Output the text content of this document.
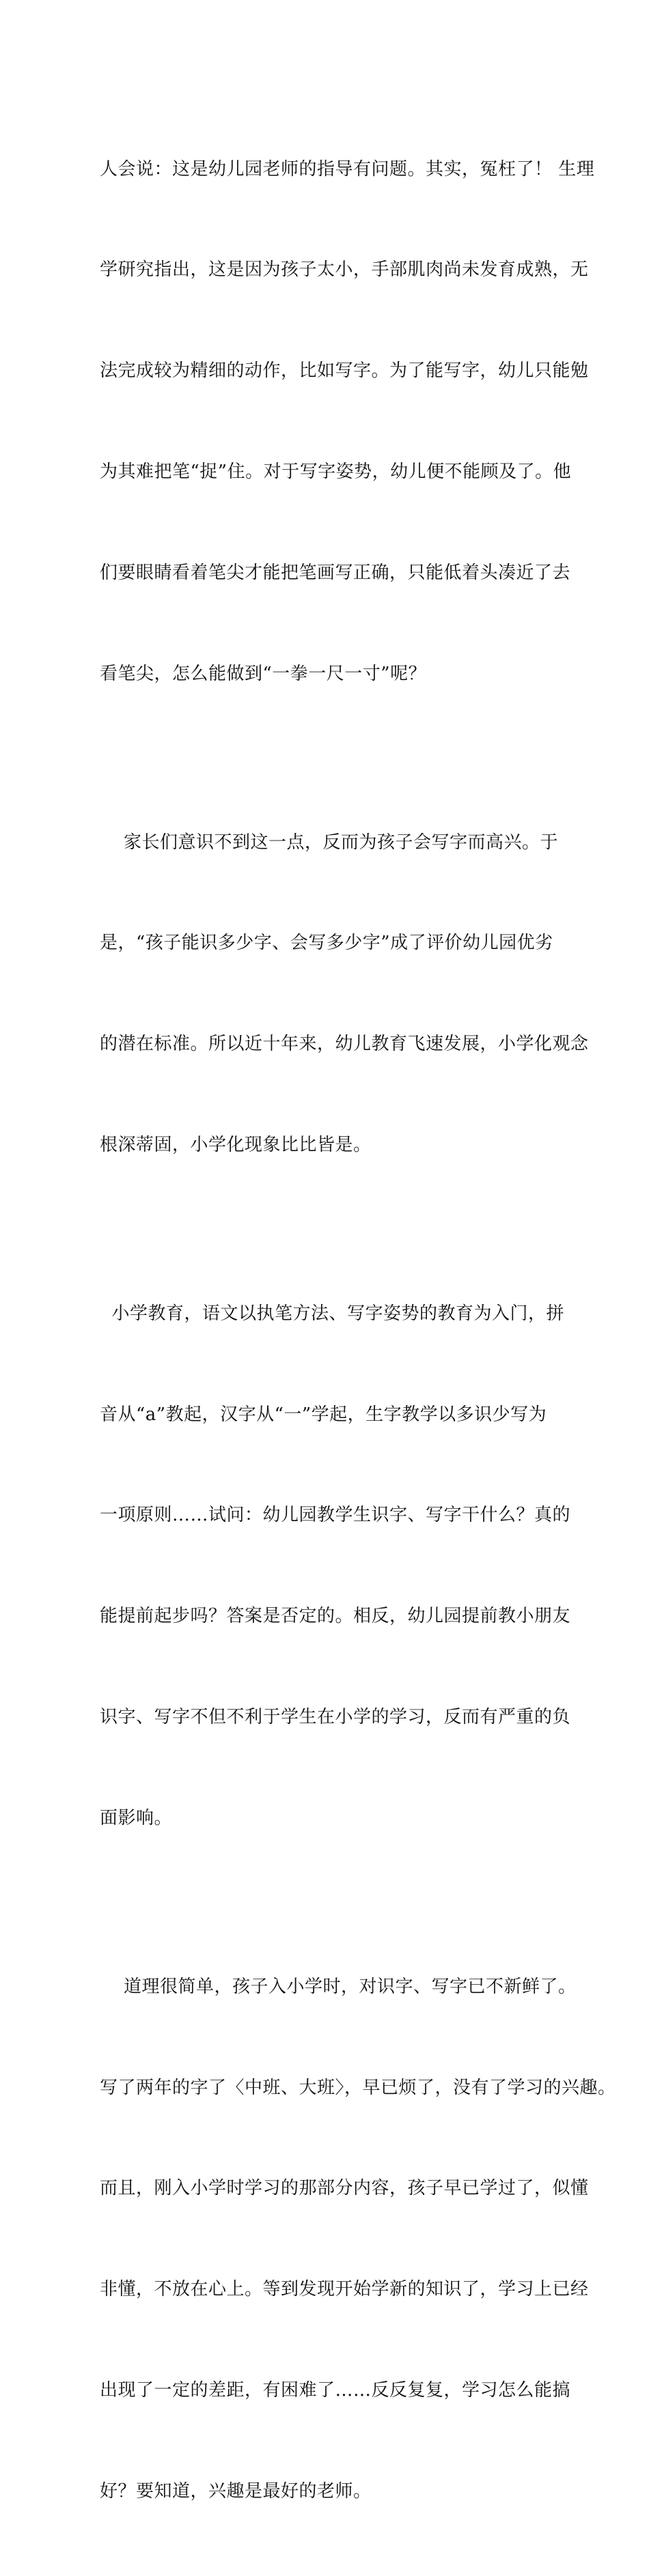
人会说：这是幼儿园老师的指导有问题。其实，冤枉了！ 生理

学研究指出，这是因为孩子太小，手部肌肉尚未发育成熟，无

法完成较为精细的动作，比如写字。为了能写字，幼儿只能勉

为其难把笔“捉”住。对于写字姿势，幼儿便不能顾及了。他

们要眼睛看着笔尖才能把笔画写正确，只能低着头凑近了去

看笔尖，怎么能做到“一拳一尺一寸”呢？

家长们意识不到这一点，反而为孩子会写字而高兴。于

是，“孩子能识多少字、会写多少字”成了评价幼儿园优劣

的潜在标准。所以近十年来，幼儿教育飞速发展，小学化观念

根深蒂固，小学化现象比比皆是。

小学教育，语文以执笔方法、写字姿势的教育为入门，拼

音从“a”教起，汉字从“一”学起，生字教学以多识少写为

一项原则……试问：幼儿园教学生识字、写字干什么？真的

能提前起步吗？答案是否定的。相反，幼儿园提前教小朋友

识字、写字不但不利于学生在小学的学习，反而有严重的负

面影响。

道理很简单，孩子入小学时，对识字、写字已不新鲜了。

写了两年的字了〈中班、大班〉，早已烦了，没有了学习的兴趣。

而且，刚入小学时学习的那部分内容，孩子早已学过了，似懂

非懂，不放在心上。等到发现开始学新的知识了，学习上已经

出现了一定的差距，有困难了……反反复复，学习怎么能搞

好？要知道，兴趣是最好的老师。
